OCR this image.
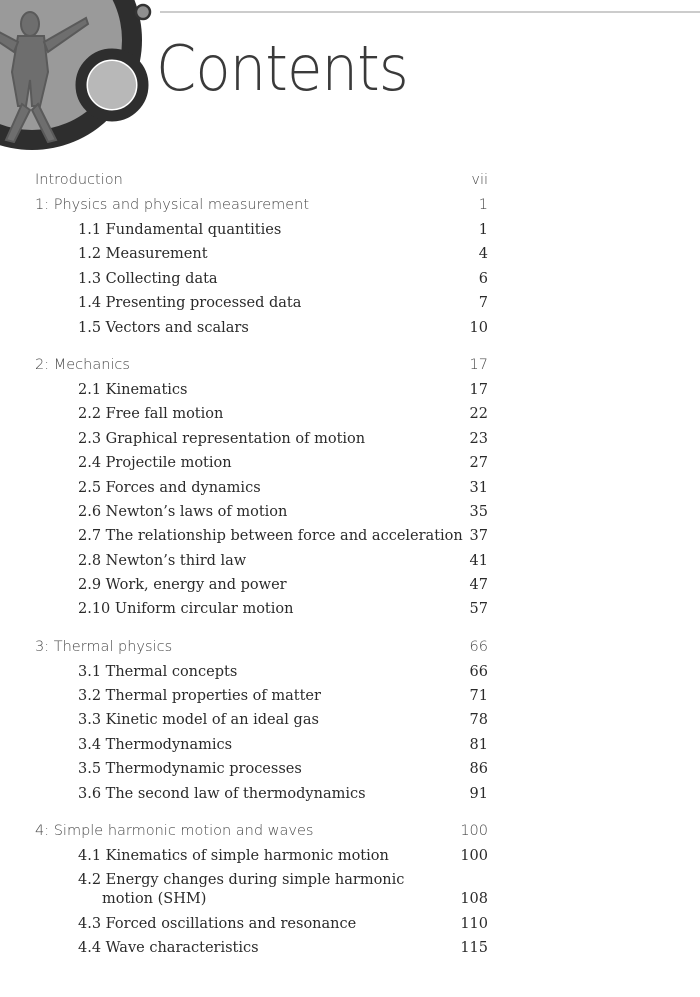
Contents
Introduction	vii
1: Physics and physical measurement	1
1.1 Fundamental quantities	1
1.2 Measurement	4
1.3 Collecting data	6
1.4 Presenting processed data	7
1.5 Vectors and scalars	10
2: Mechanics	17
2.1 Kinematics	17
2.2 Free fall motion	22
2.3 Graphical representation of motion	23
2.4 Projectile motion	27
2.5 Forces and dynamics	31
2.6 Newton’s laws of motion	35
2.7 The relationship between force and acceleration 37
2.8 Newton’s third law	41
2.9 Work, energy and power	47
2.10 Uniform circular motion	57
3: Thermal physics	66
3.1 Thermal concepts	66
3.2 Thermal properties of matter	71
3.3 Kinetic model of an ideal gas	78
3.4 Thermodynamics	81
3.5 Thermodynamic processes	86
3.6 The second law of thermodynamics	91
4: Simple harmonic motion and waves	100
4.1 Kinematics of simple harmonic motion	100
4.2 Energy changes during simple harmonic
motion (SHM)	108
4.3 Forced oscillations and resonance	110
4.4 Wave characteristics	115
